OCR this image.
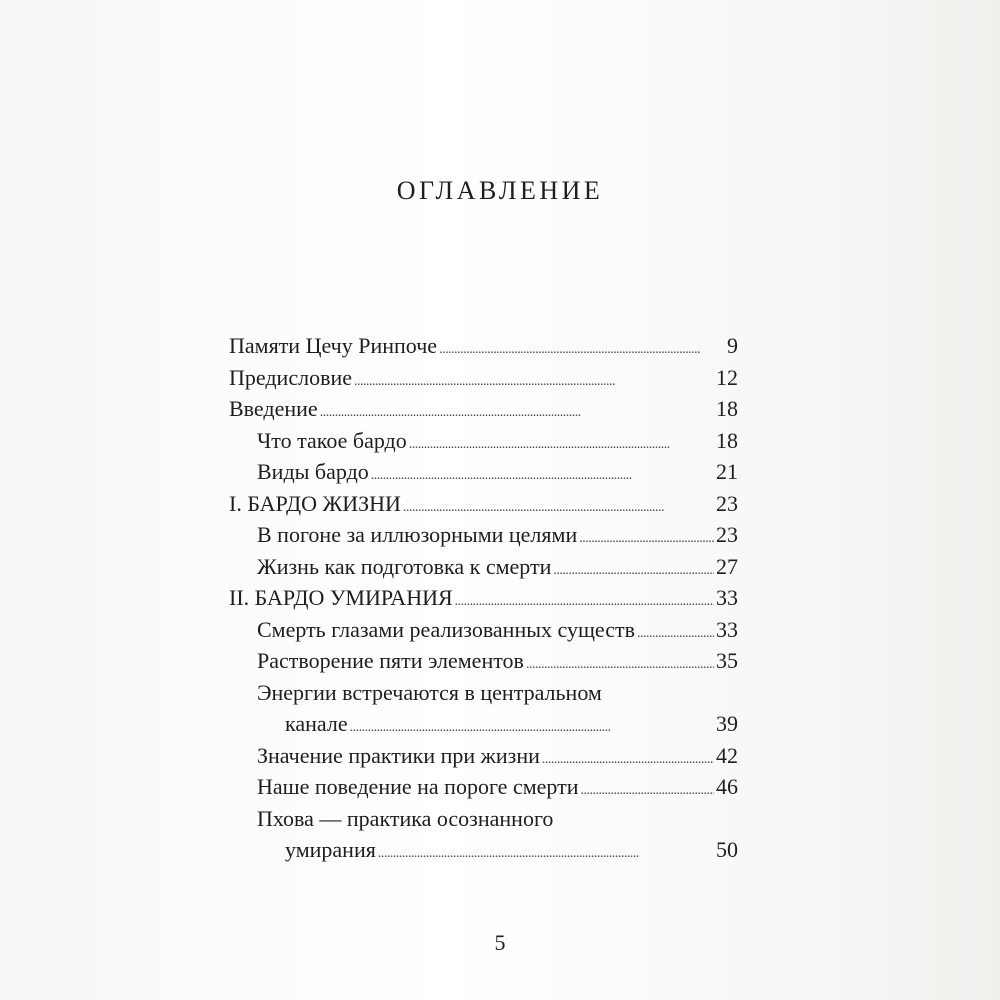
ОГЛАВЛЕНИЕ
Памяти Цечу Ринпоче . . .	9
Предисловие . . .	12
Введение . . .	18
Что такое бардо . . .	18
Виды бардо . . .	21
I. БАРДО ЖИЗНИ . . .	23
В погоне за иллюзорными целями . . .	23
Жизнь как подготовка к смерти . . .	27
II. БАРДО УМИРАНИЯ . . .	33
Смерть глазами реализованных существ . . .	33
Растворение пяти элементов . . .	35
Энергии встречаются в центральном
канале . . .	39
Значение практики при жизни . . .	42
Наше поведение на пороге смерти . . .	46
Пхова — практика осознанного
умирания . . .	50
5
